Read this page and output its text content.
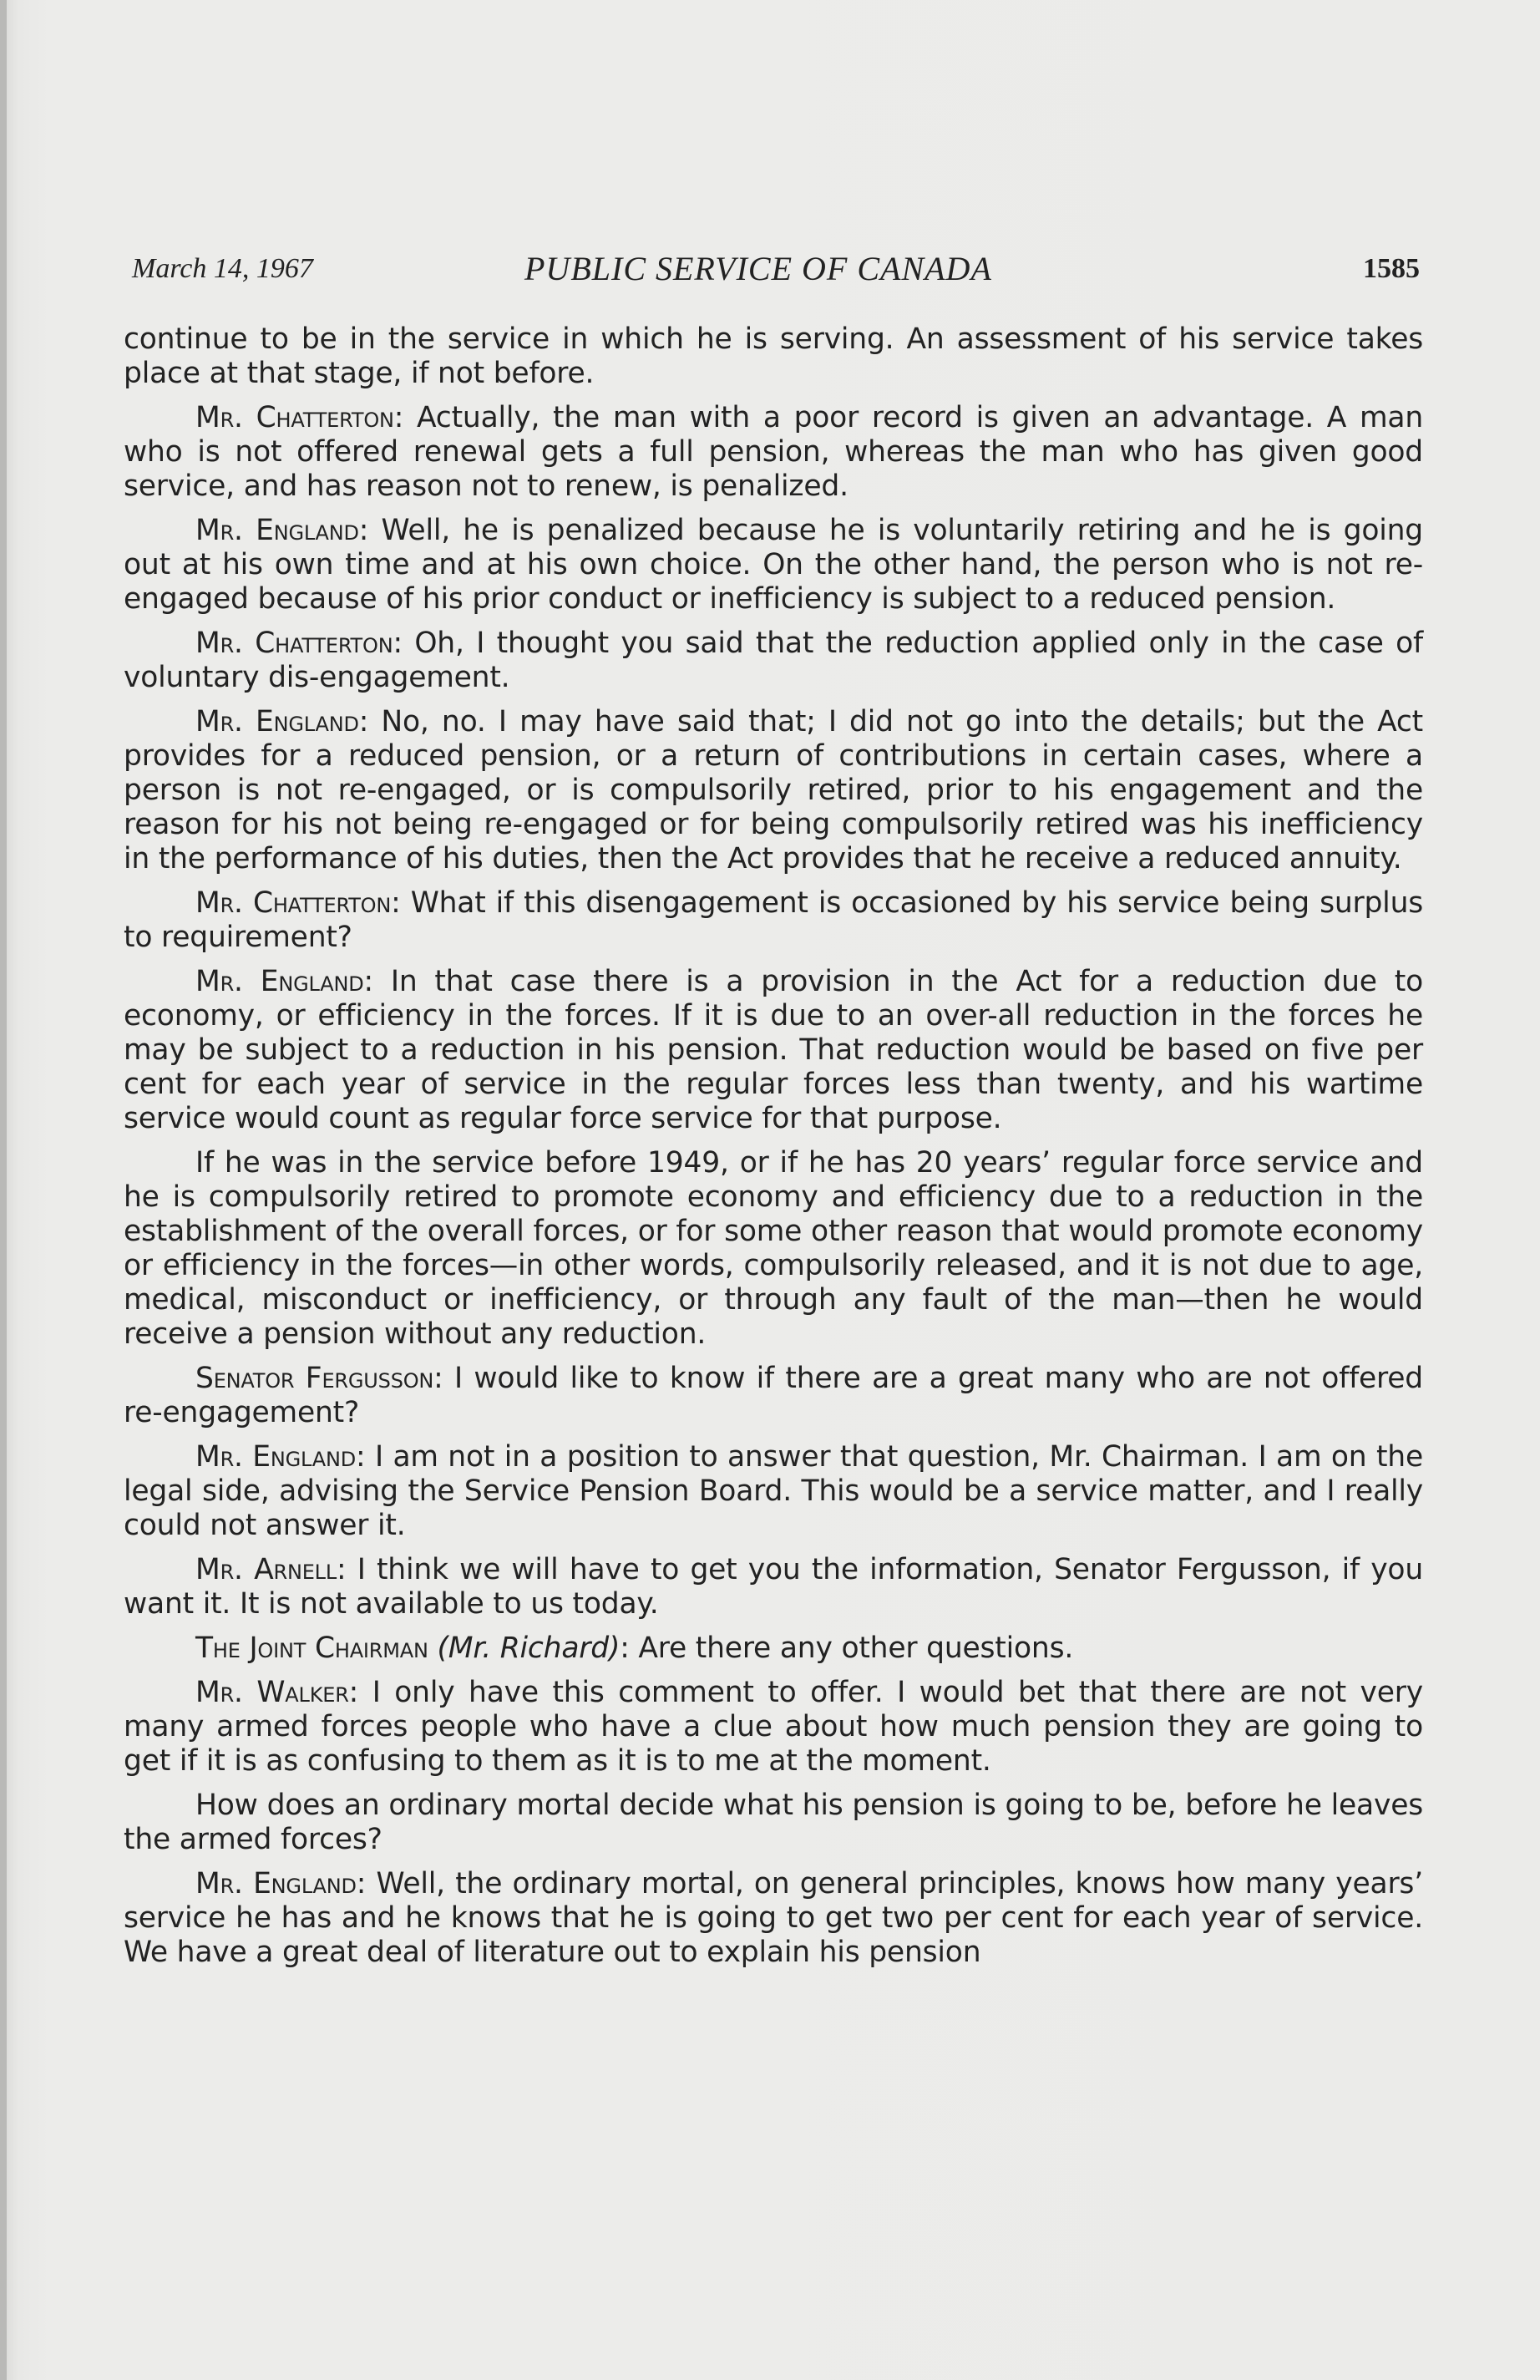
March 14, 1967	PUBLIC SERVICE OF CANADA	1585

continue to be in the service in which he is serving. An assessment of his service takes place at that stage, if not before.

Mr. Chatterton: Actually, the man with a poor record is given an advantage. A man who is not offered renewal gets a full pension, whereas the man who has given good service, and has reason not to renew, is penalized.

Mr. England: Well, he is penalized because he is voluntarily retiring and he is going out at his own time and at his own choice. On the other hand, the person who is not re-engaged because of his prior conduct or inefficiency is subject to a reduced pension.

Mr. Chatterton: Oh, I thought you said that the reduction applied only in the case of voluntary dis-engagement.

Mr. England: No, no. I may have said that; I did not go into the details; but the Act provides for a reduced pension, or a return of contributions in certain cases, where a person is not re-engaged, or is compulsorily retired, prior to his engagement and the reason for his not being re-engaged or for being compulsorily retired was his inefficiency in the performance of his duties, then the Act provides that he receive a reduced annuity.

Mr. Chatterton: What if this disengagement is occasioned by his service being surplus to requirement?

Mr. England: In that case there is a provision in the Act for a reduction due to economy, or efficiency in the forces. If it is due to an over-all reduction in the forces he may be subject to a reduction in his pension. That reduction would be based on five per cent for each year of service in the regular forces less than twenty, and his wartime service would count as regular force service for that purpose.

If he was in the service before 1949, or if he has 20 years’ regular force service and he is compulsorily retired to promote economy and efficiency due to a reduction in the establishment of the overall forces, or for some other reason that would promote economy or efficiency in the forces—in other words, compulsorily released, and it is not due to age, medical, misconduct or inefficiency, or through any fault of the man—then he would receive a pension without any reduction.

Senator Fergusson: I would like to know if there are a great many who are not offered re-engagement?

Mr. England: I am not in a position to answer that question, Mr. Chairman. I am on the legal side, advising the Service Pension Board. This would be a service matter, and I really could not answer it.

Mr. Arnell: I think we will have to get you the information, Senator Fergusson, if you want it. It is not available to us today.

The Joint Chairman (Mr. Richard): Are there any other questions.

Mr. Walker: I only have this comment to offer. I would bet that there are not very many armed forces people who have a clue about how much pension they are going to get if it is as confusing to them as it is to me at the moment.

How does an ordinary mortal decide what his pension is going to be, before he leaves the armed forces?

Mr. England: Well, the ordinary mortal, on general principles, knows how many years’ service he has and he knows that he is going to get two per cent for each year of service. We have a great deal of literature out to explain his pension
